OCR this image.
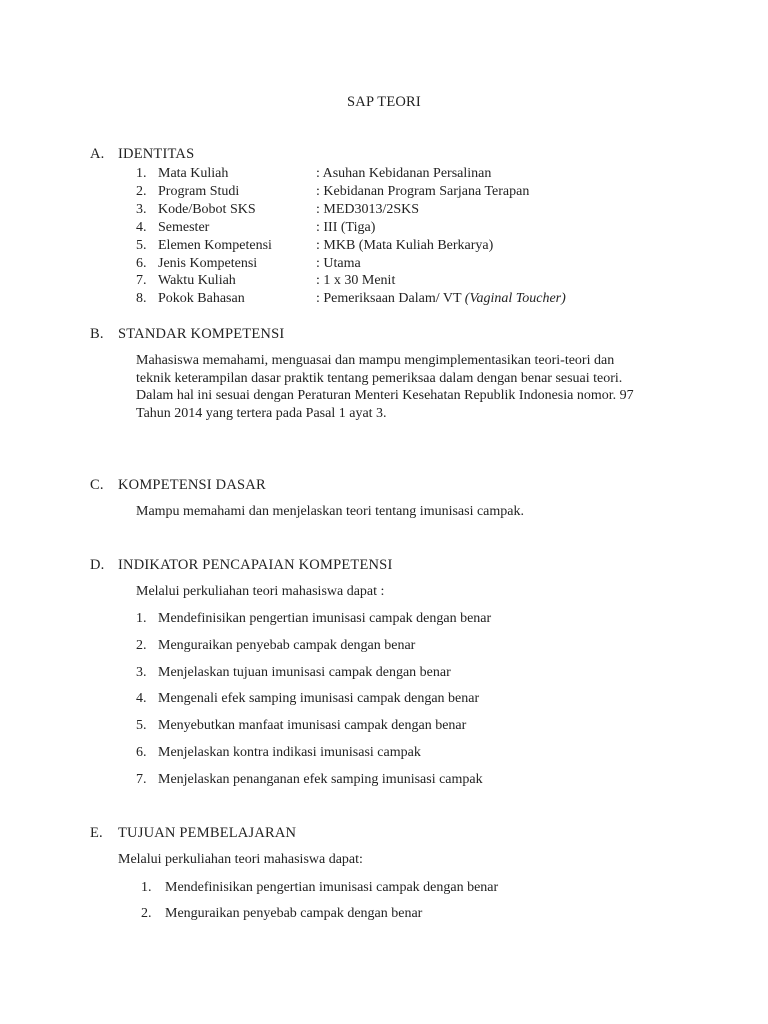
SAP TEORI
A. IDENTITAS
1. Mata Kuliah	: Asuhan Kebidanan Persalinan
2. Program Studi	: Kebidanan Program Sarjana Terapan
3. Kode/Bobot SKS	: MED3013/2SKS
4. Semester	: III (Tiga)
5. Elemen Kompetensi	: MKB (Mata Kuliah Berkarya)
6. Jenis Kompetensi	: Utama
7. Waktu Kuliah	: 1 x 30 Menit
8. Pokok Bahasan	: Pemeriksaan Dalam/ VT (Vaginal Toucher)
B. STANDAR KOMPETENSI
Mahasiswa memahami, menguasai dan mampu mengimplementasikan teori-teori dan
teknik keterampilan dasar praktik tentang pemeriksaa dalam dengan benar sesuai teori.
Dalam hal ini sesuai dengan Peraturan Menteri Kesehatan Republik Indonesia nomor. 97
Tahun 2014 yang tertera pada Pasal 1 ayat 3.
C. KOMPETENSI DASAR
Mampu memahami dan menjelaskan teori tentang imunisasi campak.
D. INDIKATOR PENCAPAIAN KOMPETENSI
Melalui perkuliahan teori mahasiswa dapat :
1. Mendefinisikan pengertian imunisasi campak dengan benar
2. Menguraikan penyebab campak dengan benar
3. Menjelaskan tujuan imunisasi campak dengan benar
4. Mengenali efek samping imunisasi campak dengan benar
5. Menyebutkan manfaat imunisasi campak dengan benar
6. Menjelaskan kontra indikasi imunisasi campak
7. Menjelaskan penanganan efek samping imunisasi campak
E. TUJUAN PEMBELAJARAN
Melalui perkuliahan teori mahasiswa dapat:
1. Mendefinisikan pengertian imunisasi campak dengan benar
2. Menguraikan penyebab campak dengan benar
